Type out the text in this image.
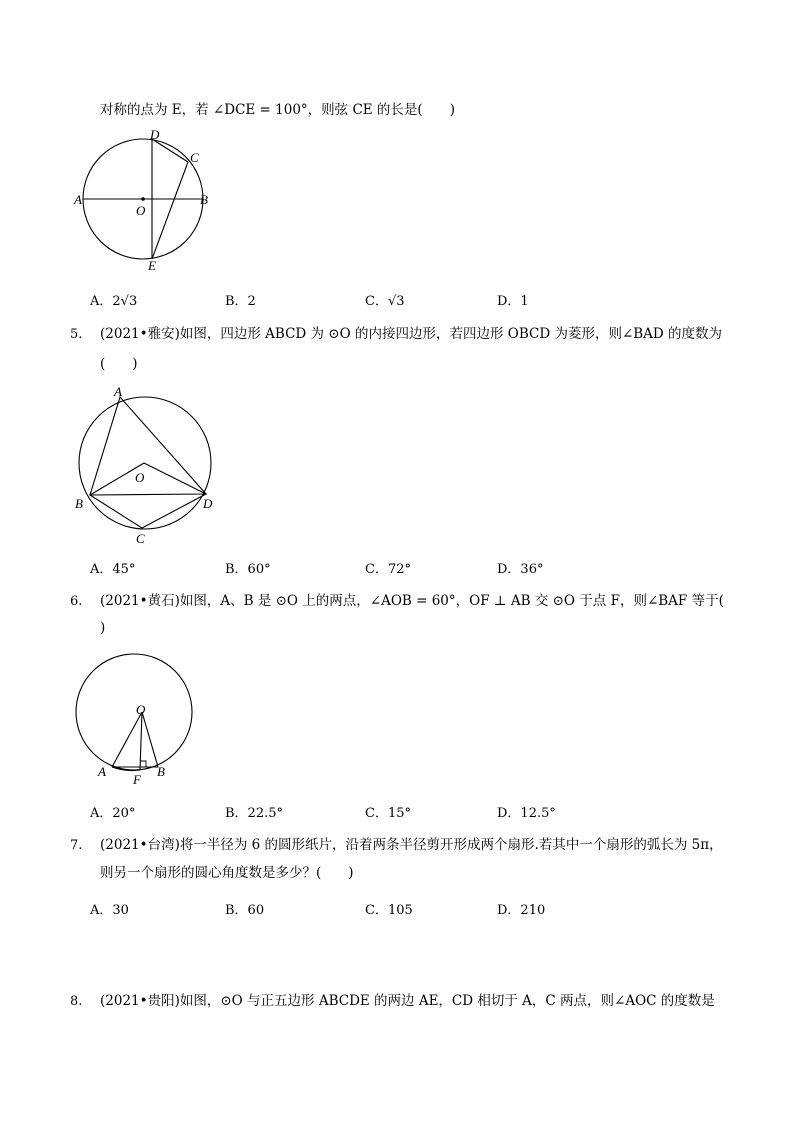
对称的点为 E，若 ∠DCE = 100°，则弦 CE 的长是(　　)
A	B
C
D
E
O
A．2√3	B．2	C．√3	D．1
5. (2021•雅安)如图，四边形 ABCD 为 ⊙O 的内接四边形，若四边形 OBCD 为菱形，则∠BAD 的度数为
(　　)
A
B
C
D
O
A．45°	B．60°	C．72°	D．36°
6. (2021•黄石)如图，A、B 是 ⊙O 上的两点，∠AOB = 60°，OF ⊥ AB 交 ⊙O 于点 F，则∠BAF 等于(
)
O
A	B
F
A．20°	B．22.5°	C．15°	D．12.5°
7. (2021•台湾)将一半径为 6 的圆形纸片，沿着两条半径剪开形成两个扇形.若其中一个扇形的弧长为 5π，
则另一个扇形的圆心角度数是多少？(　　)
A．30	B．60	C．105	D．210
8. (2021•贵阳)如图，⊙O 与正五边形 ABCDE 的两边 AE，CD 相切于 A，C 两点，则∠AOC 的度数是
